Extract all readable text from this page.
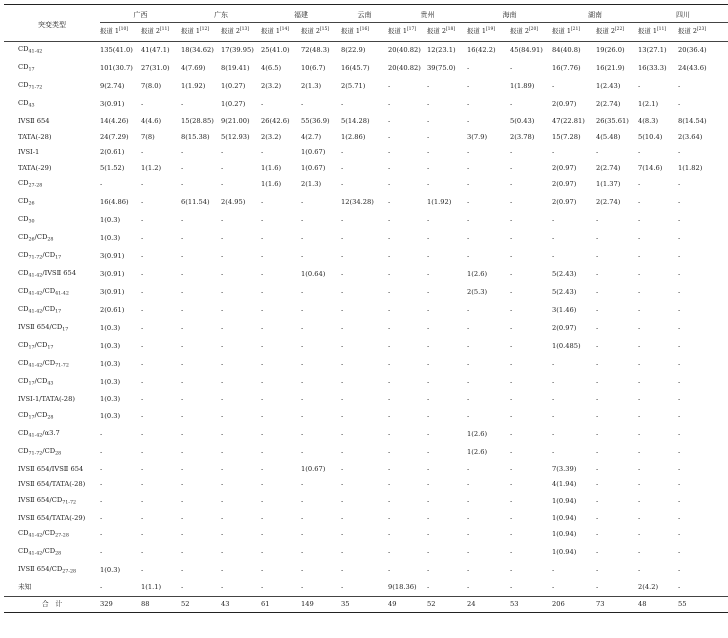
突变类型	广西		广东		福建		云南	贵州		海南		湖南		四川	

	报道 1[10]	报道 2[11]	报道 1[12]	报道 2[13]	报道 1[14]	报道 2[15]	报道 1[16]	报道 1[17]	报道 2[18]	报道 1[19]	报道 2[20]	报道 1[21]	报道 2[22]	报道 1[11]	报道 2[23]
$CD_{41-42}$	135(41.0)	41(47.1)	18(34.62)	17(39.95)	25(41.0)	72(48.3)	8(22.9)	20(40.82)	12(23.1)	16(42.2)	45(84.91)	84(40.8)	19(26.0)	13(27.1)	20(36.4)
$CD_{17}$	101(30.7)	27(31.0)	4(7.69)	8(19.41)	4(6.5)	10(6.7)	16(45.7)	20(40.82)	39(75.0)	-	-	16(7.76)	16(21.9)	16(33.3)	24(43.6)
$CD_{71-72}$	9(2.74)	7(8.0)	1(1.92)	1(0.27)	2(3.2)	2(1.3)	2(5.71)	-	-	-	1(1.89)	-	1(2.43)	-	-
$CD_{43}$	3(0.91)	-	-	1(0.27)	-	-	-	-	-	-	-	2(0.97)	2(2.74)	1(2.1)	-
IVSⅡ 654	14(4.26)	4(4.6)	15(28.85)	9(21.00)	26(42.6)	55(36.9)	5(14.28)	-	-	-	5(0.43)	47(22.81)	26(35.61)	4(8.3)	8(14.54)
TATA(-28)	24(7.29)	7(8)	8(15.38)	5(12.93)	2(3.2)	4(2.7)	1(2.86)	-	-	3(7.9)	2(3.78)	15(7.28)	4(5.48)	5(10.4)	2(3.64)
IVSⅠ-1	2(0.61)	-	-	-	-	1(0.67)	-	-	-	-	-	-	-	-	-
TATA(-29)	5(1.52)	1(1.2)	-	-	1(1.6)	1(0.67)	-	-	-	-	-	2(0.97)	2(2.74)	7(14.6)	1(1.82)
$CD_{27-28}$	-	-	-	-	1(1.6)	2(1.3)	-	-	-	-	-	2(0.97)	1(1.37)	-	-
$CD_{26}$	16(4.86)	-	6(11.54)	2(4.95)	-	-	12(34.28)	-	1(1.92)	-	-	2(0.97)	2(2.74)	-	-
$CD_{30}$	1(0.3)	-	-	-	-	-	-	-	-	-	-	-	-	-	-
$CD_{26}/CD_{28}$	1(0.3)	-	-	-	-	-	-	-	-	-	-	-	-	-	-
$CD_{71-72}/CD_{17}$	3(0.91)	-	-	-	-	-	-	-	-	-	-	-	-	-	-
$CD_{41-42}$/IVSⅡ 654	3(0.91)	-	-	-	-	1(0.64)	-	-	-	1(2.6)	-	5(2.43)	-	-	-
$CD_{41-42}/CD_{41-42}$	3(0.91)	-	-	-	-	-	-	-	-	2(5.3)	-	5(2.43)	-	-	-
$CD_{41-42}/CD_{17}$	2(0.61)	-	-	-	-	-	-	-	-	-	-	3(1.46)	-	-	-
IVSⅡ $654/CD_{17}$	1(0.3)	-	-	-	-	-	-	-	-	-	-	2(0.97)	-	-	-
$CD_{17}/CD_{17}$	1(0.3)	-	-	-	-	-	-	-	-	-	-	1(0.485)	-	-	-
$CD_{41-42}/CD_{71-72}$	1(0.3)	-	-	-	-	-	-	-	-	-	-	-	-	-	-
$CD_{17}/CD_{43}$	1(0.3)	-	-	-	-	-	-	-	-	-	-	-	-	-	-
IVSⅠ-1/TATA(-28)	1(0.3)	-	-	-	-	-	-	-	-	-	-	-	-	-	-
$CD_{17}/CD_{28}$	1(0.3)	-	-	-	-	-	-	-	-	-	-	-	-	-	-
$CD_{41-42}/\alpha 3.7$	-	-	-	-	-	-	-	-	-	1(2.6)	-	-	-	-	-
$CD_{71-72}/CD_{28}$	-	-	-	-	-	-	-	-	-	1(2.6)	-	-	-	-	-
IVSⅡ 654/IVSⅡ 654	-	-	-	-	-	1(0.67)	-	-	-	-	-	7(3.39)	-	-	-
IVSⅡ 654/TATA(-28)	-	-	-	-	-	-	-	-	-	-	-	4(1.94)	-	-	-
IVSⅡ $654/CD_{71-72}$	-	-	-	-	-	-	-	-	-	-	-	1(0.94)	-	-	-
IVSⅡ 654/TATA(-29)	-	-	-	-	-	-	-	-	-	-	-	1(0.94)	-	-	-
$CD_{41-42}/CD_{27-28}$	-	-	-	-	-	-	-	-	-	-	-	1(0.94)	-	-	-
$CD_{41-42}/CD_{28}$	-	-	-	-	-	-	-	-	-	-	-	1(0.94)	-	-	-
IVSⅡ $654/CD_{27-28}$	1(0.3)	-	-	-	-	-	-	-	-	-	-	-	-	-	-
未知	-	1(1.1)	-	-	-	-	-	9(18.36)	-	-	-	-	-	2(4.2)	-
合　计	329	88	52	43	61	149	35	49	52	24	53	206	73	48	55
